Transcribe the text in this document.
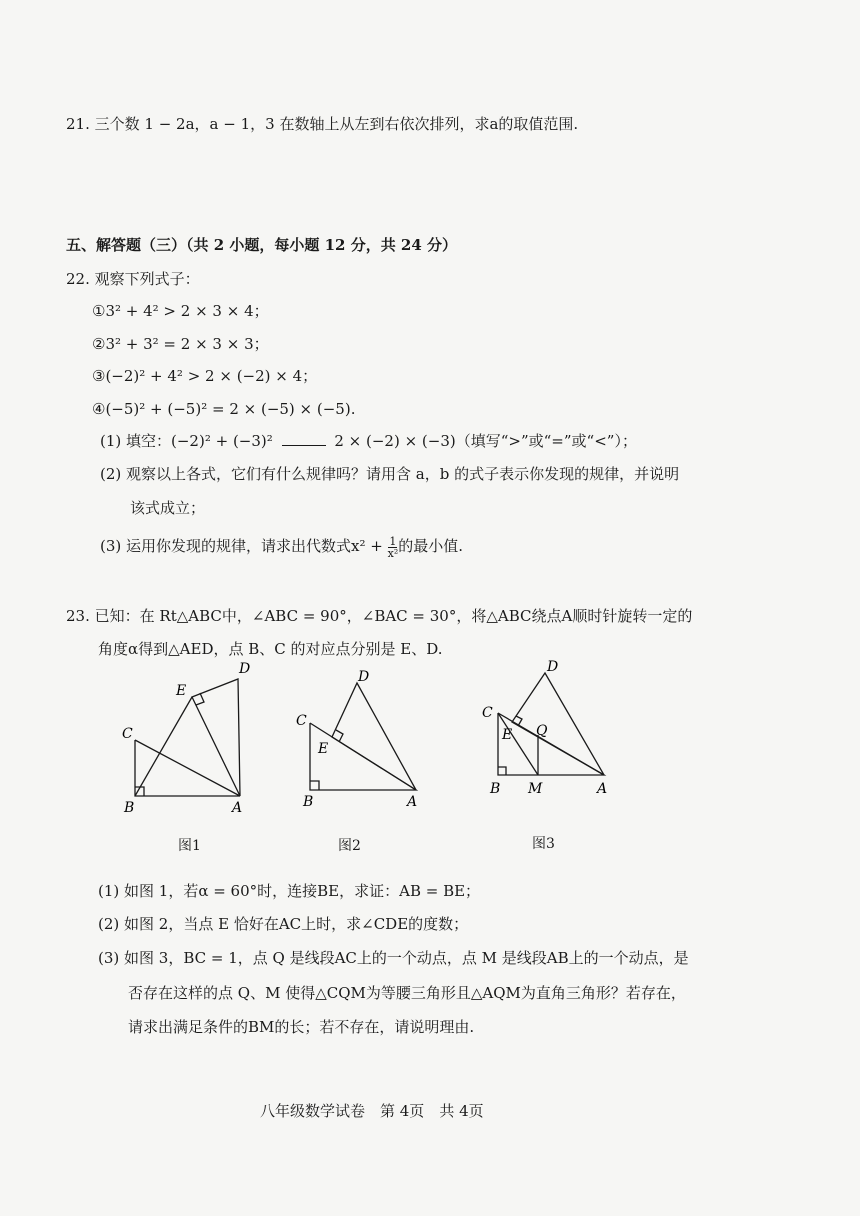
21. 三个数 1 − 2a，a − 1，3 在数轴上从左到右依次排列，求a的取值范围.
五、解答题（三）（共 2 小题，每小题 12 分，共 24 分）
22. 观察下列式子：
①3² + 4² > 2 × 3 × 4；
②3² + 3² = 2 × 3 × 3；
③(−2)² + 4² > 2 × (−2) × 4；
④(−5)² + (−5)² = 2 × (−5) × (−5).
(1) 填空：(−2)² + (−3)²	2 × (−2) × (−3)（填写“>”或“=”或“<”）；
(2) 观察以上各式，它们有什么规律吗？请用含 a，b 的式子表示你发现的规律，并说明
该式成立；
(3) 运用你发现的规律，请求出代数式$x^2 + \frac{1}{\text{x²}}$ 的最小值.
23. 已知：在 Rt△ABC中，∠ABC = 90°，∠BAC = 30°，将△ABC绕点A顺时针旋转一定的
角度α得到△AED，点 B、C 的对应点分别是 E、D.
C
B	A
E
D
图1
C
B	A
E
D
图2
C
B M	A
E Q
D
图3
(1) 如图 1，若α = 60°时，连接BE，求证：AB = BE；
(2) 如图 2，当点 E 恰好在AC上时，求∠CDE的度数；
(3) 如图 3，BC = 1，点 Q 是线段AC上的一个动点，点 M 是线段AB上的一个动点，是
否存在这样的点 Q、M 使得△CQM为等腰三角形且△AQM为直角三角形？若存在，
请求出满足条件的BM的长；若不存在，请说明理由.
八年级数学试卷　第 4页　共 4页
